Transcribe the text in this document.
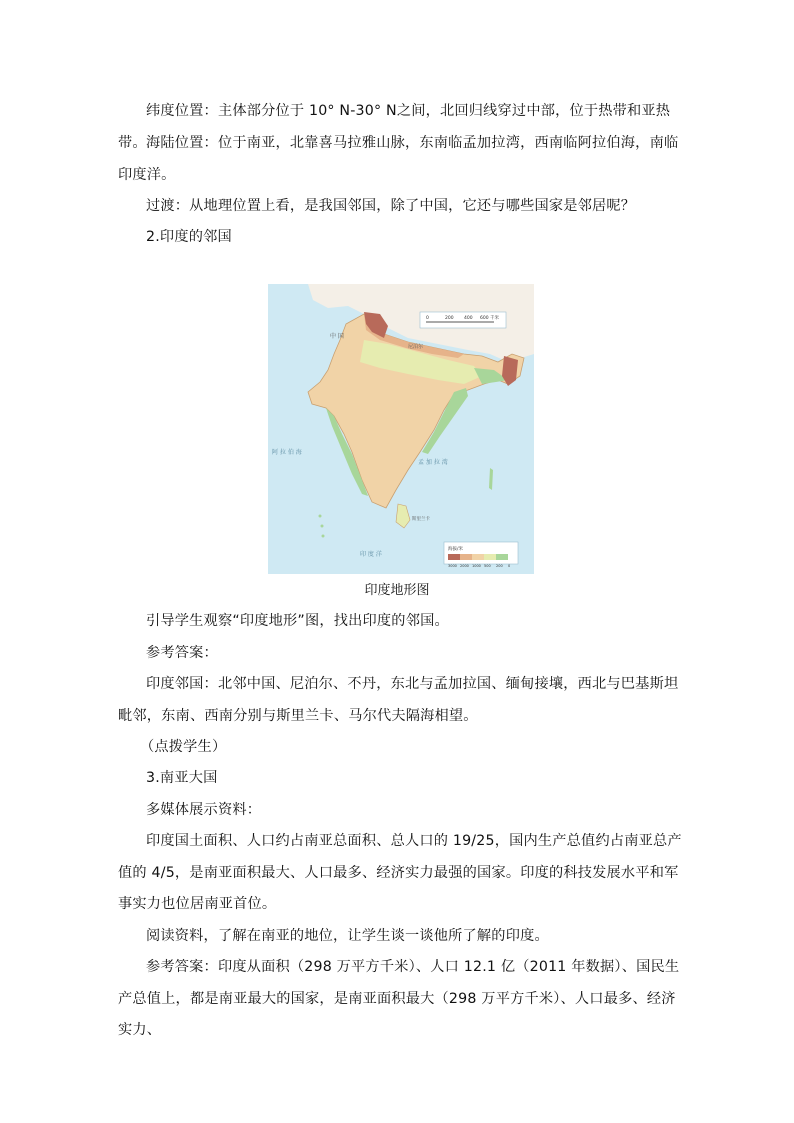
纬度位置：主体部分位于 10° N-30° N之间，北回归线穿过中部，位于热带和亚热带。 海陆位置：位于南亚，北靠喜马拉雅山脉，东南临孟加拉湾，西南临阿拉伯海，南临印度洋。

过渡：从地理位置上看，是我国邻国，除了中国，它还与哪些国家是邻居呢？

2.印度的邻国

0	200 400 600 千米
中 国
尼泊尔
阿 拉 伯 海
孟 加 拉 湾
印 度 洋
斯里兰卡
海拔/米
3000 2000 1000 500 200 0
印度地形图

引导学生观察“印度地形”图，找出印度的邻国。

参考答案：

印度邻国：北邻中国、尼泊尔、不丹，东北与孟加拉国、缅甸接壤，西北与巴基斯坦毗邻，东南、西南分别与斯里兰卡、马尔代夫隔海相望。

（点拨学生）

3.南亚大国

多媒体展示资料：

印度国土面积、人口约占南亚总面积、总人口的 19/25，国内生产总值约占南亚总产值的 4/5，是南亚面积最大、人口最多、经济实力最强的国家。印度的科技发展水平和军事实力也位居南亚首位。

阅读资料，了解在南亚的地位，让学生谈一谈他所了解的印度。

参考答案：印度从面积（298 万平方千米）、人口 12.1 亿（2011 年数据）、国民生产总值上，都是南亚最大的国家，是南亚面积最大（298 万平方千米）、人口最多、经济实力、
